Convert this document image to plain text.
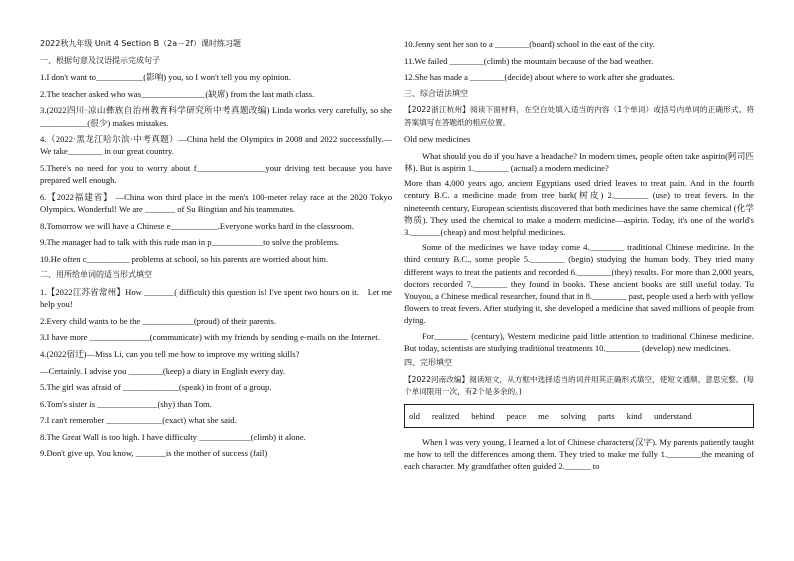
2022秋九年级 Unit 4 Section B（2a－2f）课时练习题
一、根据句意及汉语提示完成句子
1.I don't want to___________(影响) you, so I won't tell you my opinion.
2.The teacher asked who was_______________(缺席) from the last math class.
3.(2022四川·凉山彝族自治州教育科学研究所中考真题改编) Linda works very carefully, so she ___________(很少) makes mistakes.
4.（2022·黑龙江哈尔滨·中考真题）—China held the Olympics in 2008 and 2022 successfully.—We take________ in our great country.
5.There's no need for you to worry about f________________your driving test because you have prepared well enough.
6.【2022福建省】 —China won third place in the men's 100-meter relay race at the 2020 Tokyo Olympics. Wonderful! We are _______ of Su Bingtian and his teammates.
8.Tomorrow we will have a Chinese e___________.Everyone works hard in the classroom.
9.The manager had to talk with this rude man in p____________to solve the problems.
10.He often c__________ problems at school, so his parents are worried about him.
二、用所给单词的适当形式填空
1.【2022江苏省常州】How _______( difficult) this question is! I've spent two hours on it.　Let me help you!
2.Every child wants to be the ____________(proud) of their parents.
3.I have more ______________(communicate) with my friends by sending e-mails on the Internet.
4.(2022宿迁)—Miss Li, can you tell me how to improve my writing skills?
—Certainly. I advise you ________(keep) a diary in English every day.
5.The girl was afraid of _____________(speak) in front of a group.
6.Tom's sister is ______________(shy) than Tom.
7.I can't remember _____________(exact) what she said.
8.The Great Wall is too high. I have difficulty ____________(climb) it alone.
9.Don't give up. You know, _______is the mother of success (fail)
10.Jenny sent her son to a ________(board) school in the east of the city.
11.We failed ________(climb) the mountain because of the bad weather.
12.She has made a ________(decide) about where to work after she graduates.
三、综合语法填空
【2022浙江杭州】阅读下面材料，在空白处填入适当的内容（1个单词）或括号内单词的正确形式。将答案填写在答题纸的相应位置。
Old new medicines
What should you do if you have a headache? In modern times, people often take aspirin(阿司匹林). But is aspirin 1.________ (actual) a modern medicine?
More than 4,000 years ago, ancient Egyptians used dried leaves to treat pain. And in the fourth century B.C. a medicine made from tree bark(树皮) 2.________ (use) to treat fevers. In the nineteenth century, European scientists discovered that both medicines have the same chemical (化学物质). They used the chemical to make a modern medicine—aspirin. Today, it's one of the world's 3._______(cheap) and most helpful medicines.
Some of the medicines we have today come 4.________ traditional Chinese medicine. In the third century B.C., some people 5.________ (begin) studying the human body. They tried many different ways to treat the patients and recorded 6.________(they) results. For more than 2,000 years, doctors recorded 7.________ they found in books. These ancient books are still useful today. Tu Youyou, a Chinese medical researcher, found that in 8.________ past, people used a herb with yellow flowers to treat fevers. After studying it, she developed a medicine that saved millions of people from dying.
For________ (century), Western medicine paid little attention to traditional Chinese medicine. But today, scientists are studying traditional treatments 10.________ (develop) new medicines.
四、完形填空
【2022河南改编】阅读短文，从方框中选择适当的词并用其正确形式填空，使短文通顺、意思完整。(每个单词限用一次，有2个是多余的。)
old realized behind peace me solving parts kind understand
When I was very young, I learned a lot of Chinese characters(汉字). My parents patiently taught me how to tell the differences among them. They tried to make me fully 1.________the meaning of each character. My grandfather often guided 2.______ to
